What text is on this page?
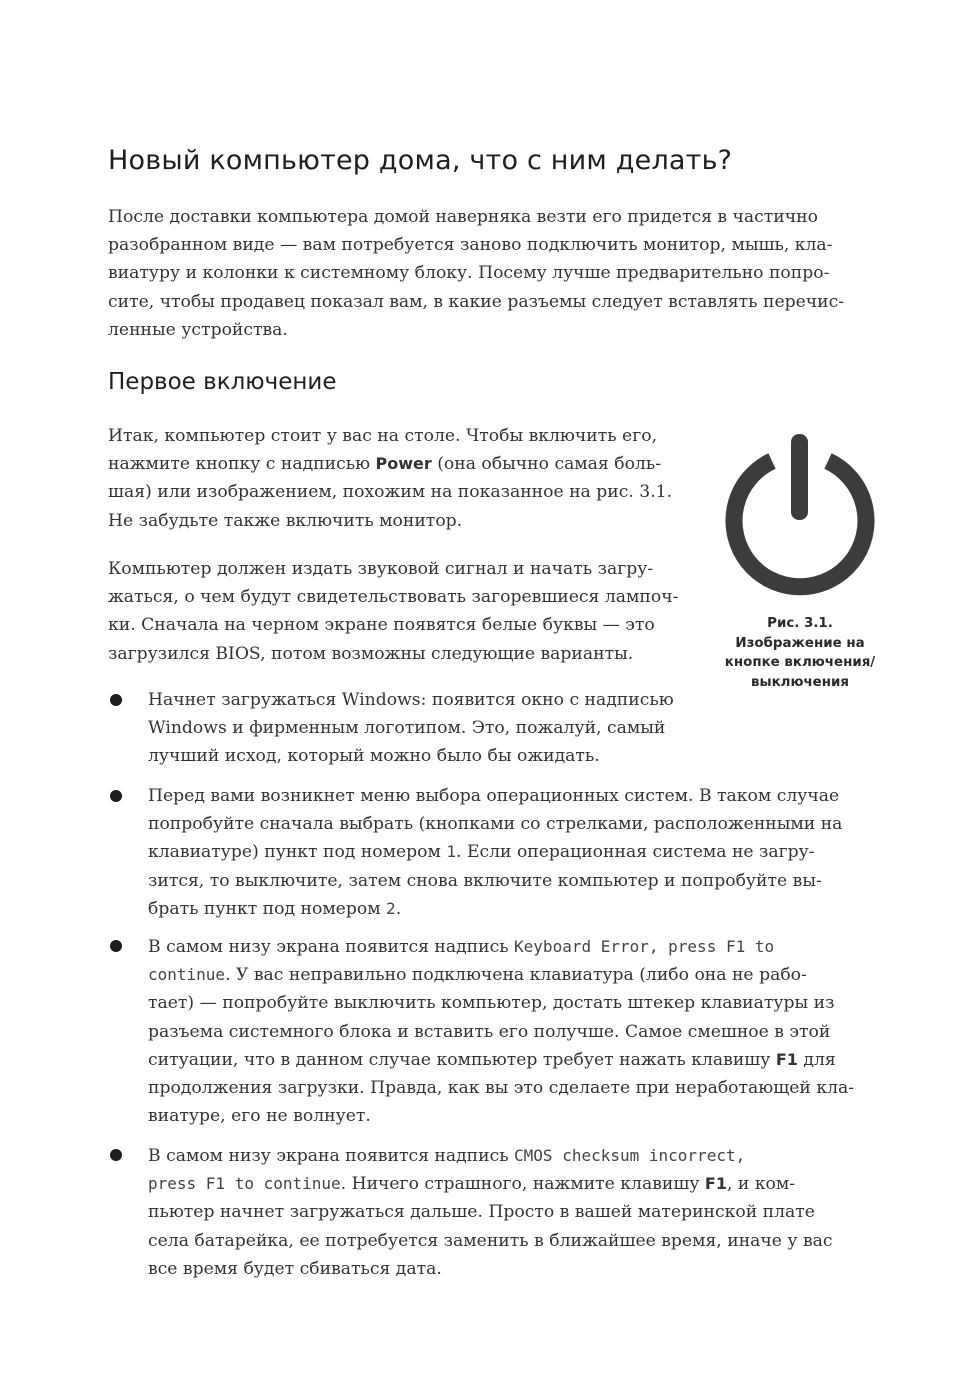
Новый компьютер дома, что с ним делать?
После доставки компьютера домой наверняка везти его придется в частично
разобранном виде — вам потребуется заново подключить монитор, мышь, кла-
виатуру и колонки к системному блоку. Посему лучше предварительно попро-
сите, чтобы продавец показал вам, в какие разъемы следует вставлять перечис-
ленные устройства.
Первое включение
Итак, компьютер стоит у вас на столе. Чтобы включить его,
нажмите кнопку с надписью Power (она обычно самая боль-
шая) или изображением, похожим на показанное на рис. 3.1.
Не забудьте также включить монитор.
Компьютер должен издать звуковой сигнал и начать загру-
жаться, о чем будут свидетельствовать загоревшиеся лампоч-
ки. Сначала на черном экране появятся белые буквы — это
загрузился BIOS, потом возможны следующие варианты.
Рис. 3.1.
Изображение на
кнопке включения/
выключения
Начнет загружаться Windows: появится окно с надписью
Windows и фирменным логотипом. Это, пожалуй, самый
лучший исход, который можно было бы ожидать.
Перед вами возникнет меню выбора операционных систем. В таком случае
попробуйте сначала выбрать (кнопками со стрелками, расположенными на
клавиатуре) пункт под номером 1. Если операционная система не загру-
зится, то выключите, затем снова включите компьютер и попробуйте вы-
брать пункт под номером 2.
В самом низу экрана появится надпись Keyboard Error, press F1 to
continue. У вас неправильно подключена клавиатура (либо она не рабо-
тает) — попробуйте выключить компьютер, достать штекер клавиатуры из
разъема системного блока и вставить его получше. Самое смешное в этой
ситуации, что в данном случае компьютер требует нажать клавишу F1 для
продолжения загрузки. Правда, как вы это сделаете при неработающей кла-
виатуре, его не волнует.
В самом низу экрана появится надпись CMOS checksum incorrect,
press F1 to continue. Ничего страшного, нажмите клавишу F1, и ком-
пьютер начнет загружаться дальше. Просто в вашей материнской плате
села батарейка, ее потребуется заменить в ближайшее время, иначе у вас
все время будет сбиваться дата.
